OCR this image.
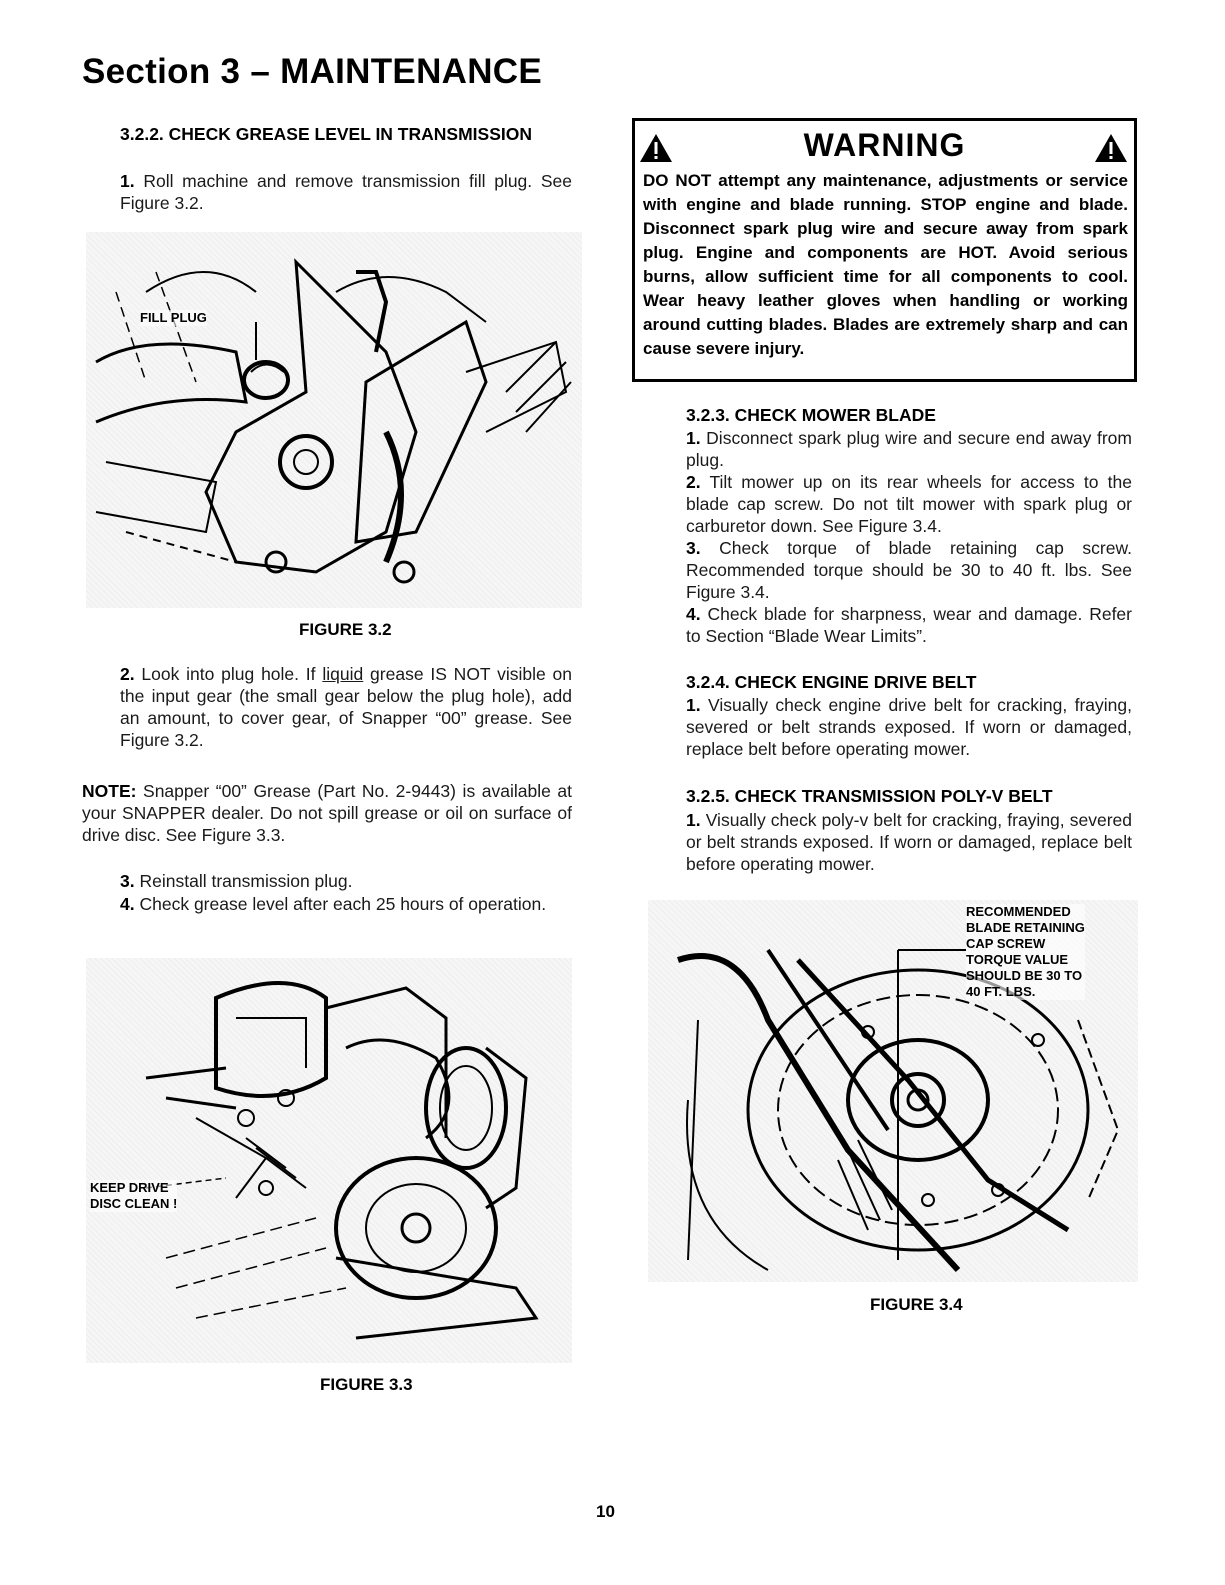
Section 3 – MAINTENANCE
3.2.2. CHECK GREASE LEVEL IN TRANSMISSION
1. Roll machine and remove transmission fill plug. See Figure 3.2.
FILL PLUG
FIGURE 3.2
2. Look into plug hole. If liquid grease IS NOT visible on the input gear (the small gear below the plug hole), add an amount, to cover gear, of Snapper “00” grease. See Figure 3.2.
NOTE: Snapper “00” Grease (Part No. 2-9443) is available at your SNAPPER dealer. Do not spill grease or oil on surface of drive disc. See Figure 3.3.
3. Reinstall transmission plug.
4. Check grease level after each 25 hours of operation.
KEEP DRIVE
DISC CLEAN !
FIGURE 3.3
WARNING
DO NOT attempt any maintenance, adjustments or service with engine and blade running. STOP engine and blade. Disconnect spark plug wire and secure away from spark plug. Engine and components are HOT. Avoid serious burns, allow sufficient time for all components to cool. Wear heavy leather gloves when handling or working around cutting blades. Blades are extremely sharp and can cause severe injury.
3.2.3. CHECK MOWER BLADE
1. Disconnect spark plug wire and secure end away from plug.
2. Tilt mower up on its rear wheels for access to the blade cap screw. Do not tilt mower with spark plug or carburetor down. See Figure 3.4.
3. Check torque of blade retaining cap screw. Recommended torque should be 30 to 40 ft. lbs. See Figure 3.4.
4. Check blade for sharpness, wear and damage. Refer to Section “Blade Wear Limits”.
3.2.4. CHECK ENGINE DRIVE BELT
1. Visually check engine drive belt for cracking, fraying, severed or belt strands exposed. If worn or damaged, replace belt before operating mower.
3.2.5. CHECK TRANSMISSION POLY-V BELT
1. Visually check poly-v belt for cracking, fraying, severed or belt strands exposed. If worn or damaged, replace belt before operating mower.
RECOMMENDED
BLADE RETAINING
CAP SCREW
TORQUE VALUE
SHOULD BE 30 TO
40 FT. LBS.
FIGURE 3.4
10
